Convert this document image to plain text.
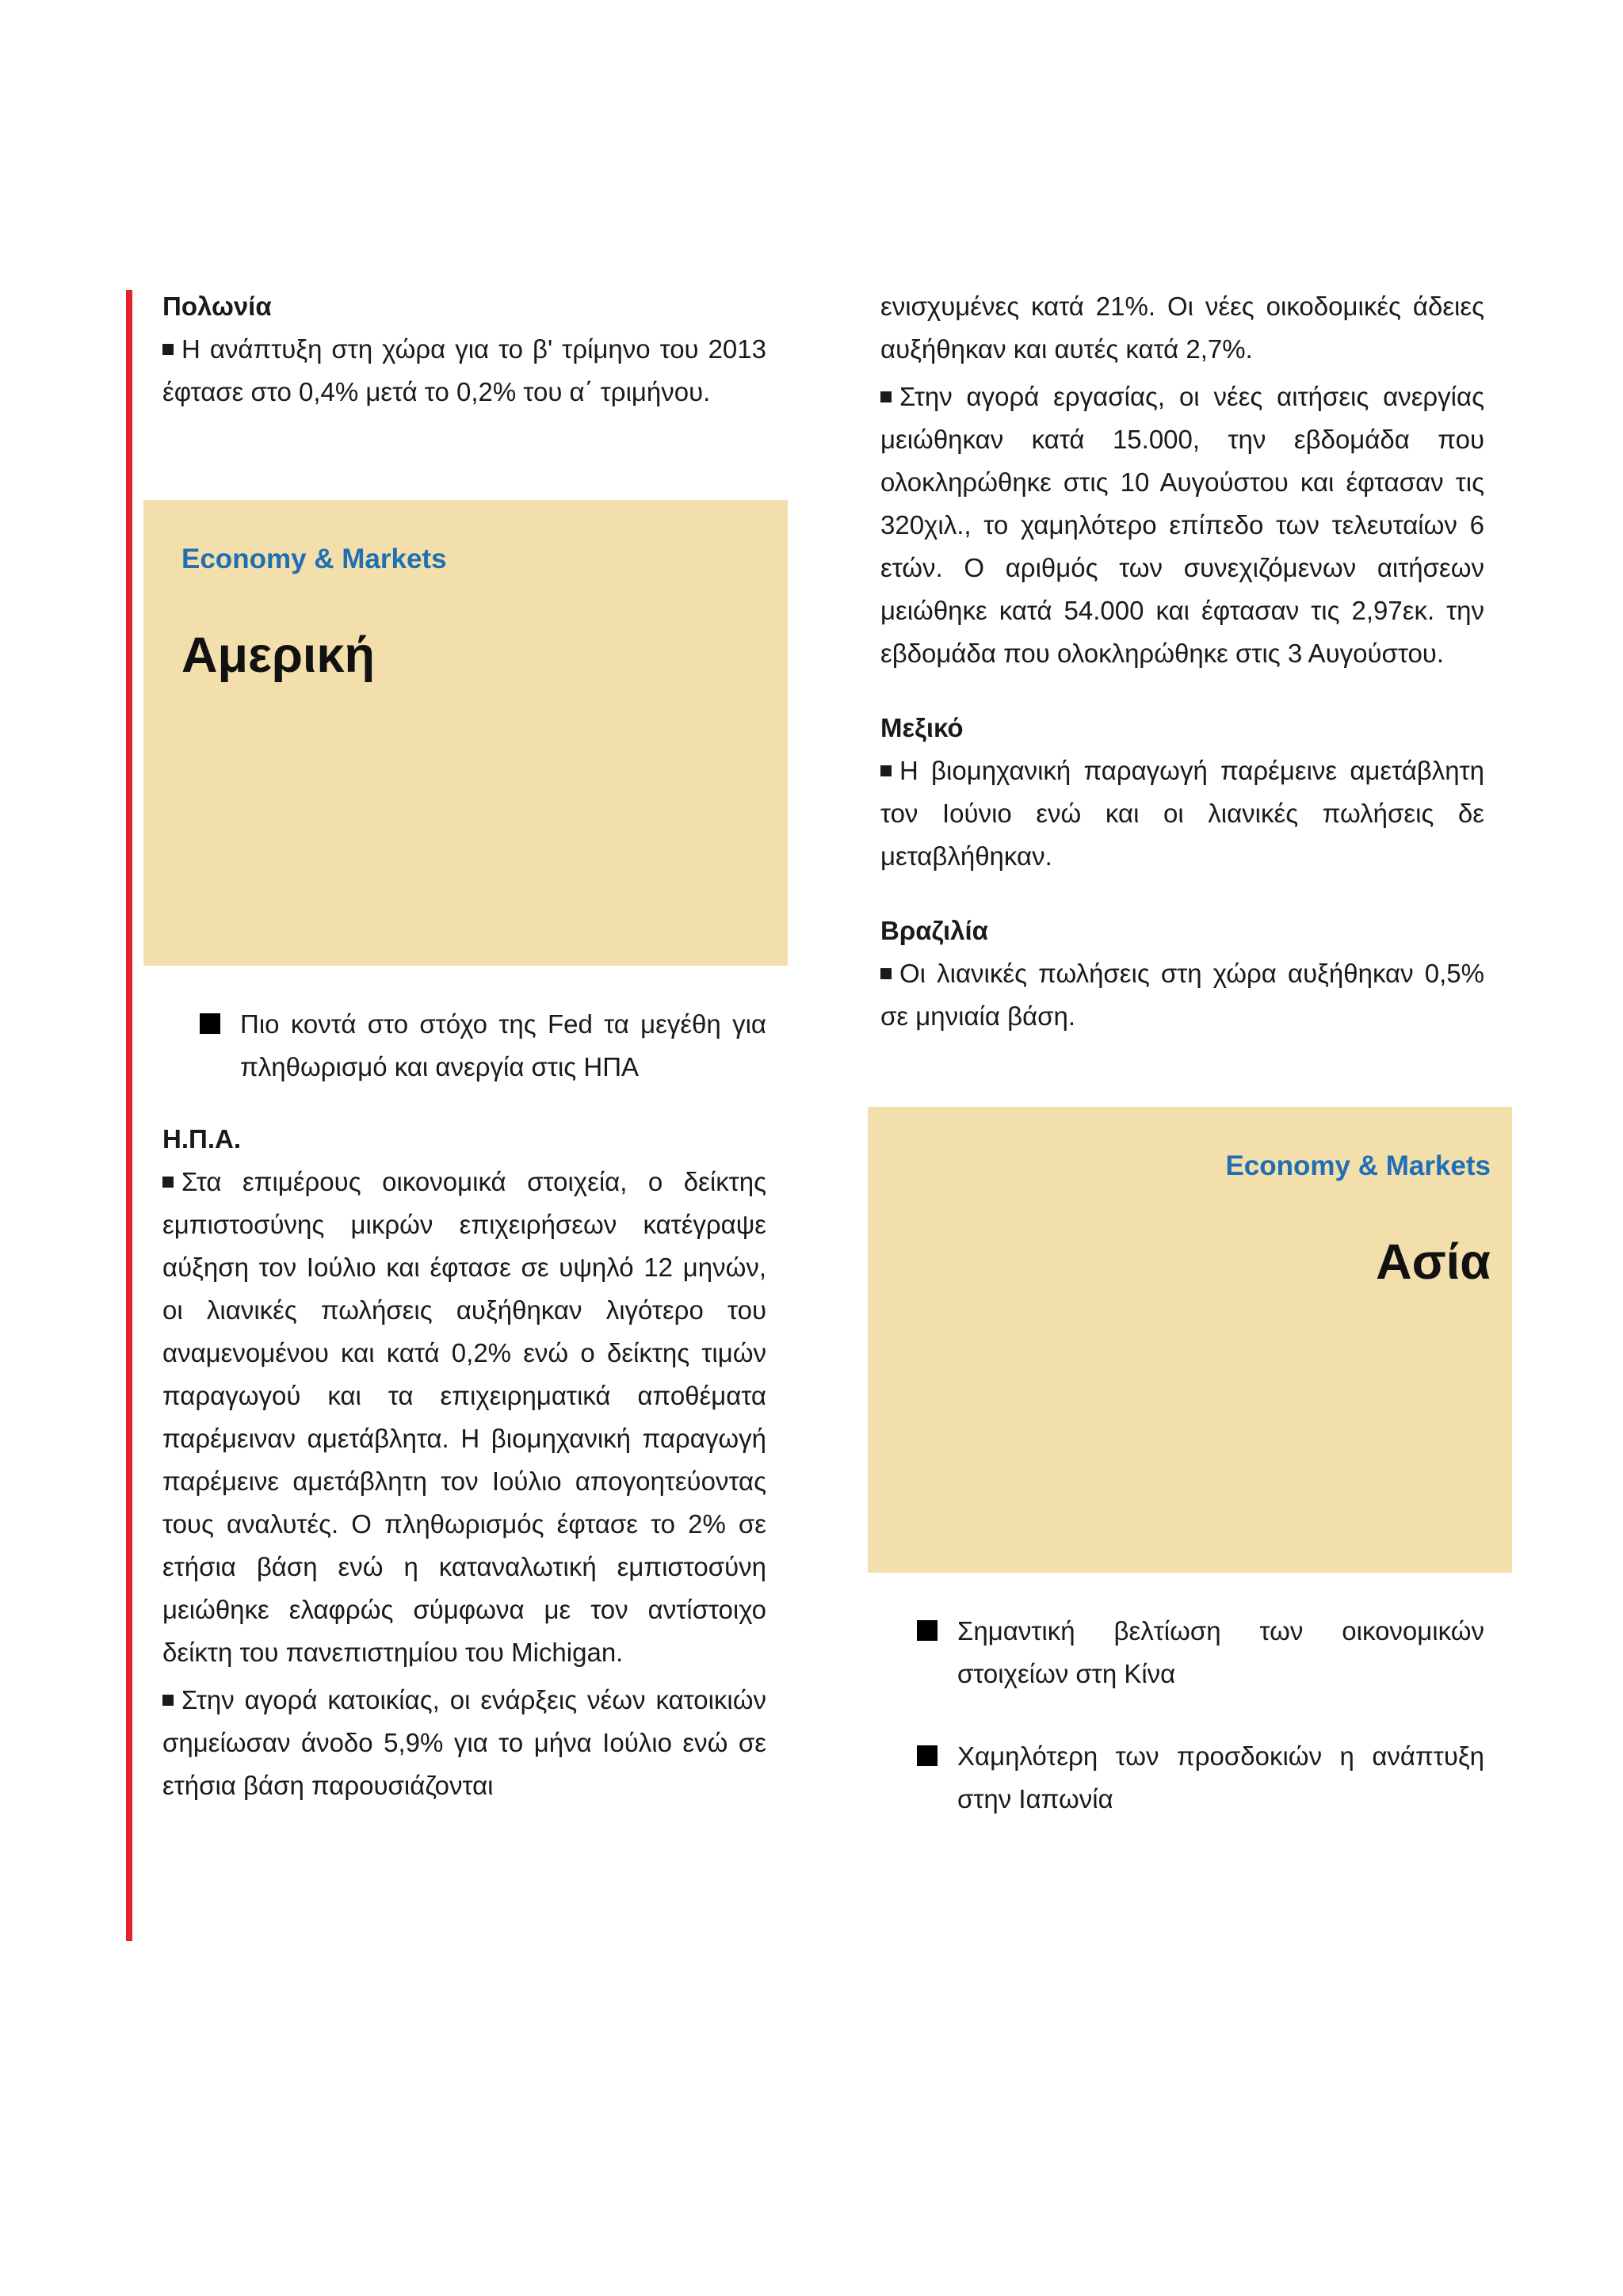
Πολωνία

Η ανάπτυξη στη χώρα για το β' τρίμηνο του 2013 έφτασε στο 0,4% μετά το 0,2% του α΄ τριμήνου.

Economy & Markets
Αμερική
Πιο κοντά στο στόχο της Fed τα μεγέθη για πληθωρισμό και ανεργία στις ΗΠΑ

Η.Π.Α.

Στα επιμέρους οικονομικά στοιχεία, ο δείκτης εμπιστοσύνης μικρών επιχειρήσεων κατέγραψε αύξηση τον Ιούλιο και έφτασε σε υψηλό 12 μηνών, οι λιανικές πωλήσεις αυξήθηκαν λιγότερο του αναμενομένου και κατά 0,2% ενώ ο δείκτης τιμών παραγωγού και τα επιχειρηματικά αποθέματα παρέμειναν αμετάβλητα. Η βιομηχανική παραγωγή παρέμεινε αμετάβλητη τον Ιούλιο απογοητεύοντας τους αναλυτές. Ο πληθωρισμός έφτασε το 2% σε ετήσια βάση ενώ η καταναλωτική εμπιστοσύνη μειώθηκε ελαφρώς σύμφωνα με τον αντίστοιχο δείκτη του πανεπιστημίου του Michigan.

Στην αγορά κατοικίας, οι ενάρξεις νέων κατοικιών σημείωσαν άνοδο 5,9% για το μήνα Ιούλιο ενώ σε ετήσια βάση παρουσιάζονται

ενισχυμένες κατά 21%. Οι νέες οικοδομικές άδειες αυξήθηκαν και αυτές κατά 2,7%.

Στην αγορά εργασίας, οι νέες αιτήσεις ανεργίας μειώθηκαν κατά 15.000, την εβδομάδα που ολοκληρώθηκε στις 10 Αυγούστου και έφτασαν τις 320χιλ., το χαμηλότερο επίπεδο των τελευταίων 6 ετών. Ο αριθμός των συνεχιζόμενων αιτήσεων μειώθηκε κατά 54.000 και έφτασαν τις 2,97εκ. την εβδομάδα που ολοκληρώθηκε στις 3 Αυγούστου.

Μεξικό

Η βιομηχανική παραγωγή παρέμεινε αμετάβλητη τον Ιούνιο ενώ και οι λιανικές πωλήσεις δε μεταβλήθηκαν.

Βραζιλία

Οι λιανικές πωλήσεις στη χώρα αυξήθηκαν 0,5% σε μηνιαία βάση.

Economy & Markets
Ασία
Σημαντική βελτίωση των οικονομικών στοιχείων στη Κίνα
Χαμηλότερη των προσδοκιών η ανάπτυξη στην Ιαπωνία
